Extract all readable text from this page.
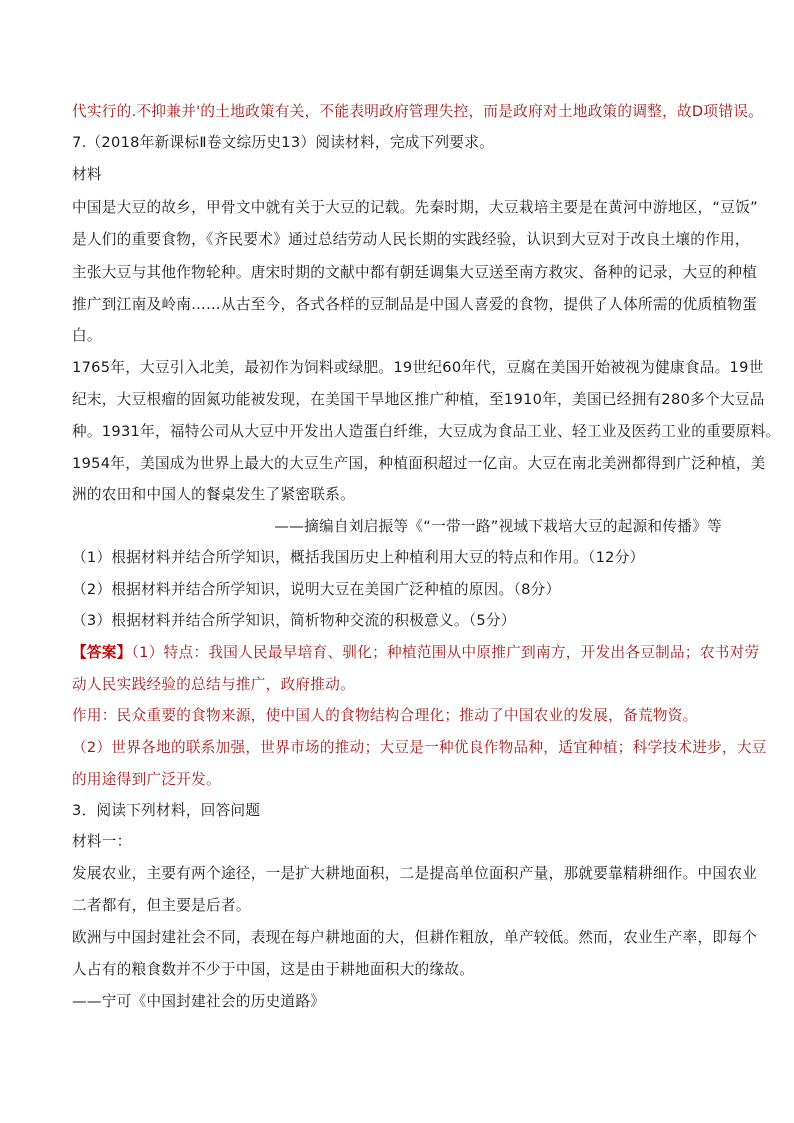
代实行的.不抑兼并'的土地政策有关，不能表明政府管理失控，而是政府对土地政策的调整，故D项错误。
7.（2018年新课标Ⅱ卷文综历史13）阅读材料，完成下列要求。
材料
中国是大豆的故乡，甲骨文中就有关于大豆的记载。先秦时期，大豆栽培主要是在黄河中游地区，“豆饭”
是人们的重要食物，《齐民要术》通过总结劳动人民长期的实践经验，认识到大豆对于改良土壤的作用，
主张大豆与其他作物轮种。唐宋时期的文献中都有朝廷调集大豆送至南方救灾、备种的记录，大豆的种植
推广到江南及岭南……从古至今，各式各样的豆制品是中国人喜爱的食物，提供了人体所需的优质植物蛋
白。
1765年，大豆引入北美，最初作为饲料或绿肥。19世纪60年代，豆腐在美国开始被视为健康食品。19世
纪末，大豆根瘤的固氮功能被发现，在美国干旱地区推广种植，至1910年，美国已经拥有280多个大豆品
种。1931年，福特公司从大豆中开发出人造蛋白纤维，大豆成为食品工业、轻工业及医药工业的重要原料。
1954年，美国成为世界上最大的大豆生产国，种植面积超过一亿亩。大豆在南北美洲都得到广泛种植，美
洲的农田和中国人的餐桌发生了紧密联系。
——摘编自刘启振等《“一带一路”视域下栽培大豆的起源和传播》等
（1）根据材料并结合所学知识，概括我国历史上种植利用大豆的特点和作用。（12分）
（2）根据材料并结合所学知识，说明大豆在美国广泛种植的原因。（8分）
（3）根据材料并结合所学知识，简析物种交流的积极意义。（5分）
【答案】（1）特点：我国人民最早培育、驯化；种植范围从中原推广到南方，开发出各豆制品；农书对劳
动人民实践经验的总结与推广，政府推动。
作用：民众重要的食物来源，使中国人的食物结构合理化；推动了中国农业的发展，备荒物资。
（2）世界各地的联系加强，世界市场的推动；大豆是一种优良作物品种，适宜种植；科学技术进步，大豆
的用途得到广泛开发。
3．阅读下列材料，回答问题
材料一：
发展农业，主要有两个途径，一是扩大耕地面积，二是提高单位面积产量，那就要靠精耕细作。中国农业
二者都有，但主要是后者。
欧洲与中国封建社会不同，表现在每户耕地面的大，但耕作粗放，单产较低。然而，农业生产率，即每个
人占有的粮食数并不少于中国，这是由于耕地面积大的缘故。
——宁可《中国封建社会的历史道路》
